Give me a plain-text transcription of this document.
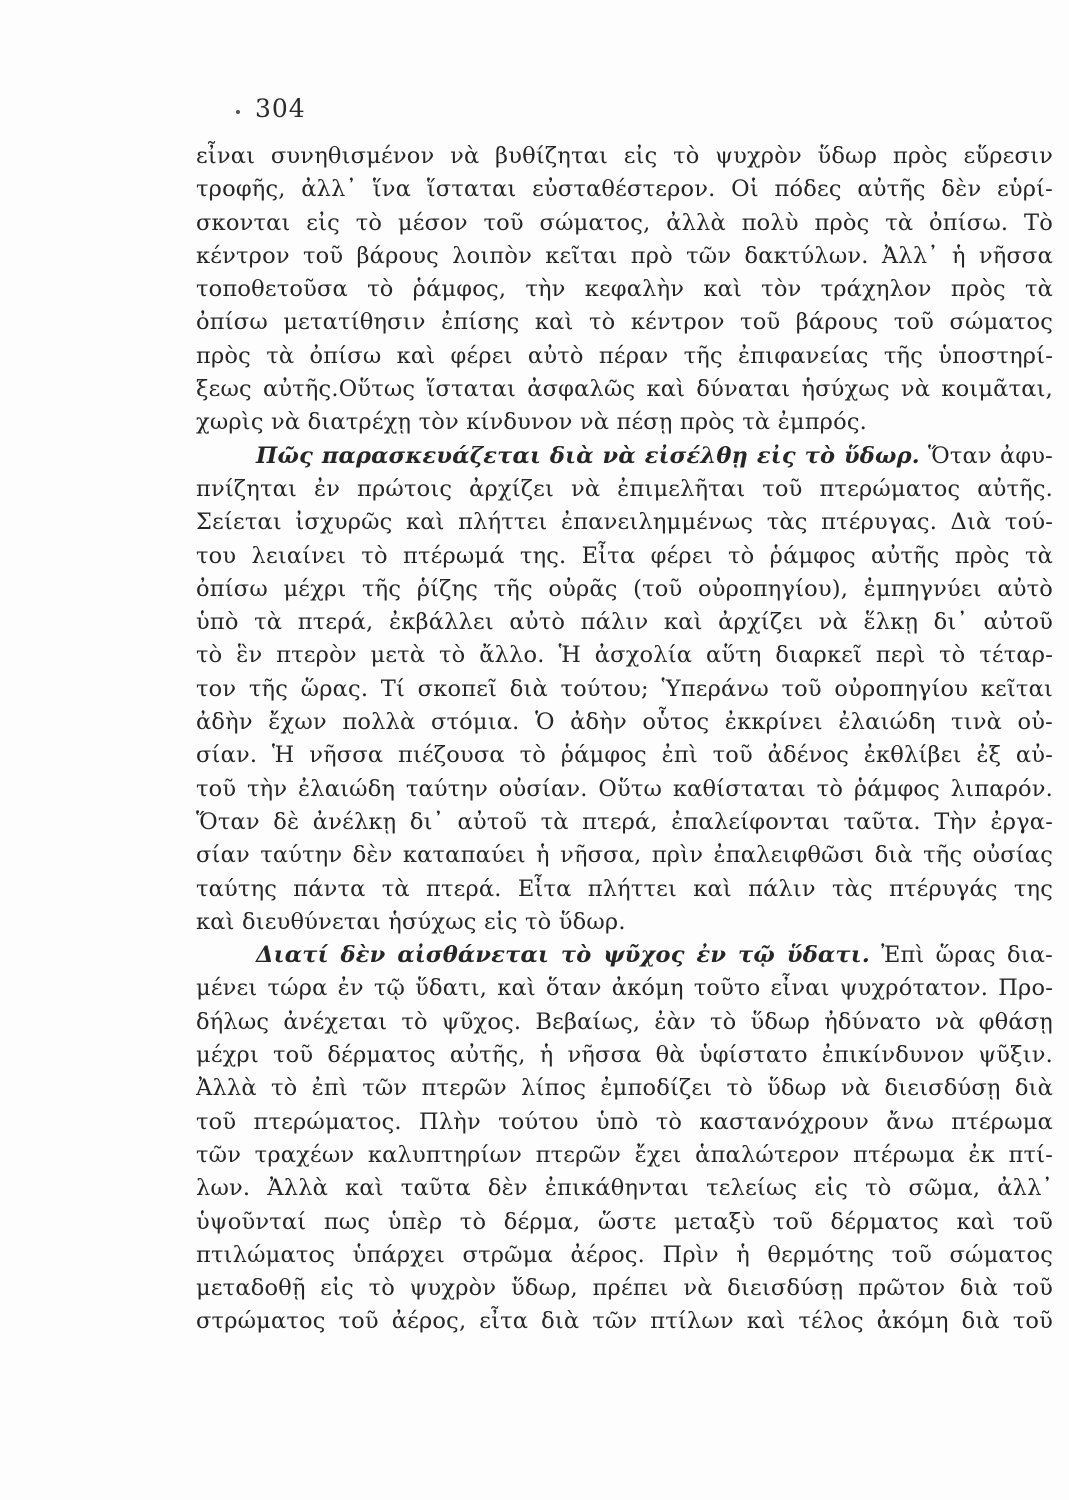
304
εἶναι συνηθισμένον νὰ βυθίζηται εἰς τὸ ψυχρὸν ὕδωρ πρὸς εὕρεσιν
τροφῆς, ἀλλ᾿ ἵνα ἵσταται εὐσταθέστερον. Οἱ πόδες αὐτῆς δὲν εὑρί-
σκονται εἰς τὸ μέσον τοῦ σώματος, ἀλλὰ πολὺ πρὸς τὰ ὀπίσω. Τὸ
κέντρον τοῦ βάρους λοιπὸν κεῖται πρὸ τῶν δακτύλων. Ἀλλ᾿ ἡ νῆσσα
τοποθετοῦσα τὸ ῥάμφος, τὴν κεφαλὴν καὶ τὸν τράχηλον πρὸς τὰ
ὀπίσω μετατίθησιν ἐπίσης καὶ τὸ κέντρον τοῦ βάρους τοῦ σώματος
πρὸς τὰ ὀπίσω καὶ φέρει αὐτὸ πέραν τῆς ἐπιφανείας τῆς ὑποστηρί-
ξεως αὐτῆς.Οὕτως ἵσταται ἀσφαλῶς καὶ δύναται ἡσύχως νὰ κοιμᾶται,
χωρὶς νὰ διατρέχῃ τὸν κίνδυνον νὰ πέσῃ πρὸς τὰ ἐμπρός.
Πῶς παρασκευάζεται διὰ νὰ εἰσέλθῃ εἰς τὸ ὕδωρ. Ὅταν ἀφυ-
πνίζηται ἐν πρώτοις ἀρχίζει νὰ ἐπιμελῆται τοῦ πτερώματος αὐτῆς.
Σείεται ἰσχυρῶς καὶ πλήττει ἐπανειλημμένως τὰς πτέρυγας. Διὰ τού-
του λειαίνει τὸ πτέρωμά της. Εἶτα φέρει τὸ ῥάμφος αὐτῆς πρὸς τὰ
ὀπίσω μέχρι τῆς ῥίζης τῆς οὐρᾶς (τοῦ οὐροπηγίου), ἐμπηγνύει αὐτὸ
ὑπὸ τὰ πτερά, ἐκβάλλει αὐτὸ πάλιν καὶ ἀρχίζει νὰ ἕλκῃ δι᾿ αὐτοῦ
τὸ ἓν πτερὸν μετὰ τὸ ἄλλο. Ἡ ἀσχολία αὕτη διαρκεῖ περὶ τὸ τέταρ-
τον τῆς ὥρας. Τί σκοπεῖ διὰ τούτου; Ὑπεράνω τοῦ οὐροπηγίου κεῖται
ἀδὴν ἔχων πολλὰ στόμια. Ὁ ἀδὴν οὗτος ἐκκρίνει ἐλαιώδη τινὰ οὐ-
σίαν. Ἡ νῆσσα πιέζουσα τὸ ῥάμφος ἐπὶ τοῦ ἀδένος ἐκθλίβει ἐξ αὐ-
τοῦ τὴν ἐλαιώδη ταύτην οὐσίαν. Οὕτω καθίσταται τὸ ῥάμφος λιπαρόν.
Ὅταν δὲ ἀνέλκῃ δι᾿ αὐτοῦ τὰ πτερά, ἐπαλείφονται ταῦτα. Τὴν ἐργα-
σίαν ταύτην δὲν καταπαύει ἡ νῆσσα, πρὶν ἐπαλειφθῶσι διὰ τῆς οὐσίας
ταύτης πάντα τὰ πτερά. Εἶτα πλήττει καὶ πάλιν τὰς πτέρυγάς της
καὶ διευθύνεται ἡσύχως εἰς τὸ ὕδωρ.
Διατί δὲν αἰσθάνεται τὸ ψῦχος ἐν τῷ ὕδατι. Ἐπὶ ὥρας δια-
μένει τώρα ἐν τῷ ὕδατι, καὶ ὅταν ἀκόμη τοῦτο εἶναι ψυχρότατον. Προ-
δήλως ἀνέχεται τὸ ψῦχος. Βεβαίως, ἐὰν τὸ ὕδωρ ἠδύνατο νὰ φθάσῃ
μέχρι τοῦ δέρματος αὐτῆς, ἡ νῆσσα θὰ ὑφίστατο ἐπικίνδυνον ψῦξιν.
Ἀλλὰ τὸ ἐπὶ τῶν πτερῶν λίπος ἐμποδίζει τὸ ὕδωρ νὰ διεισδύσῃ διὰ
τοῦ πτερώματος. Πλὴν τούτου ὑπὸ τὸ καστανόχρουν ἄνω πτέρωμα
τῶν τραχέων καλυπτηρίων πτερῶν ἔχει ἁπαλώτερον πτέρωμα ἐκ πτί-
λων. Ἀλλὰ καὶ ταῦτα δὲν ἐπικάθηνται τελείως εἰς τὸ σῶμα, ἀλλ᾿
ὑψοῦνταί πως ὑπὲρ τὸ δέρμα, ὥστε μεταξὺ τοῦ δέρματος καὶ τοῦ
πτιλώματος ὑπάρχει στρῶμα ἀέρος. Πρὶν ἡ θερμότης τοῦ σώματος
μεταδοθῇ εἰς τὸ ψυχρὸν ὕδωρ, πρέπει νὰ διεισδύσῃ πρῶτον διὰ τοῦ
στρώματος τοῦ ἀέρος, εἶτα διὰ τῶν πτίλων καὶ τέλος ἀκόμη διὰ τοῦ
